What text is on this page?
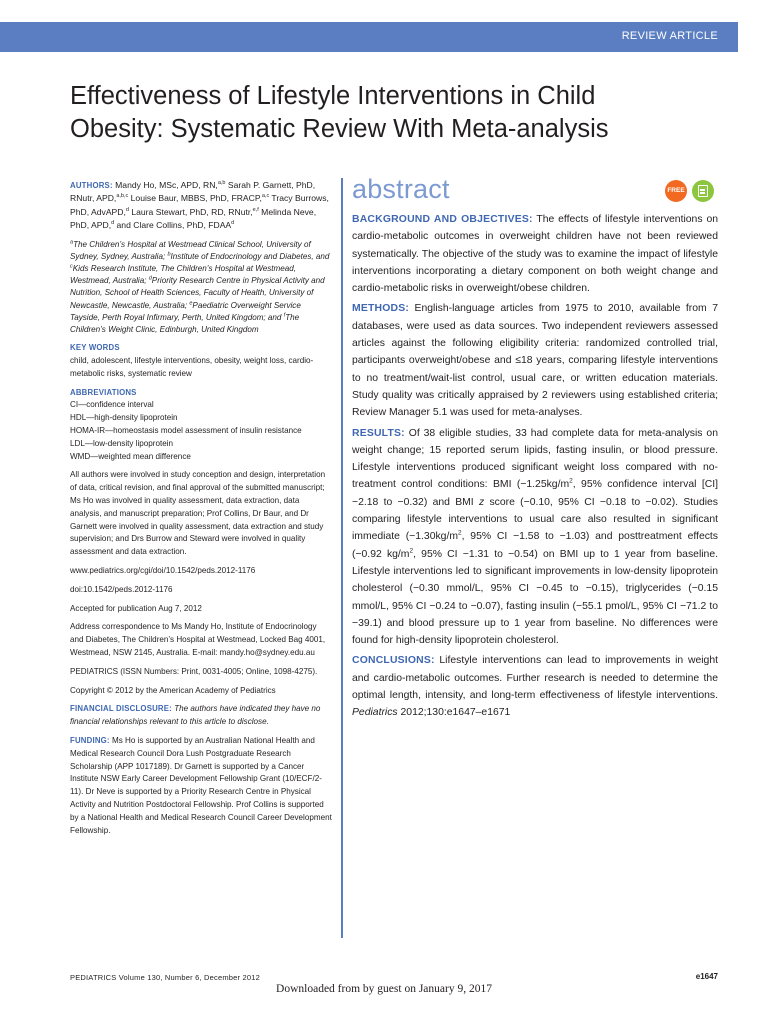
REVIEW ARTICLE
Effectiveness of Lifestyle Interventions in Child
Obesity: Systematic Review With Meta-analysis

AUTHORS: Mandy Ho, MSc, APD, RN,$^{a,b}$ Sarah P. Garnett, PhD, RNutr, APD,$^{a,b,c}$ Louise Baur, MBBS, PhD, FRACP,$^{a,c}$ Tracy Burrows, PhD, AdvAPD,$^d$ Laura Stewart, PhD, RD, RNutr,$^{e,f}$ Melinda Neve, PhD, APD,$^d$ and Clare Collins, PhD, FDAA$^d$

$^a$The Children’s Hospital at Westmead Clinical School, University of Sydney, Sydney, Australia; $^b$Institute of Endocrinology and Diabetes, and $^c$Kids Research Institute, The Children’s Hospital at Westmead, Westmead, Australia; $^d$Priority Research Centre in Physical Activity and Nutrition, School of Health Sciences, Faculty of Health, University of Newcastle, Newcastle, Australia; $^e$Paediatric Overweight Service Tayside, Perth Royal Infirmary, Perth, United Kingdom; and $^f$The Children’s Weight Clinic, Edinburgh, United Kingdom

KEY WORDS

child, adolescent, lifestyle interventions, obesity, weight loss, cardio-metabolic risks, systematic review

ABBREVIATIONS

CI—confidence interval

HDL—high-density lipoprotein

HOMA-IR—homeostasis model assessment of insulin resistance

LDL—low-density lipoprotein

WMD—weighted mean difference

All authors were involved in study conception and design, interpretation of data, critical revision, and final approval of the submitted manuscript; Ms Ho was involved in quality assessment, data extraction, data analysis, and manuscript preparation; Prof Collins, Dr Baur, and Dr Garnett were involved in quality assessment, data extraction and study supervision; and Drs Burrow and Steward were involved in quality assessment and data extraction.

www.pediatrics.org/cgi/doi/10.1542/peds.2012-1176

doi:10.1542/peds.2012-1176

Accepted for publication Aug 7, 2012

Address correspondence to Ms Mandy Ho, Institute of Endocrinology and Diabetes, The Children’s Hospital at Westmead, Locked Bag 4001, Westmead, NSW 2145, Australia. E-mail: mandy.ho@sydney.edu.au

PEDIATRICS (ISSN Numbers: Print, 0031-4005; Online, 1098-4275).

Copyright © 2012 by the American Academy of Pediatrics

FINANCIAL DISCLOSURE: The authors have indicated they have no financial relationships relevant to this article to disclose.

FUNDING: Ms Ho is supported by an Australian National Health and Medical Research Council Dora Lush Postgraduate Research Scholarship (APP 1017189). Dr Garnett is supported by a Cancer Institute NSW Early Career Development Fellowship Grant (10/ECF/2-11). Dr Neve is supported by a Priority Research Centre in Physical Activity and Nutrition Postdoctoral Fellowship. Prof Collins is supported by a National Health and Medical Research Council Career Development Fellowship.

abstract	FREE

BACKGROUND AND OBJECTIVES: The effects of lifestyle interventions on cardio-metabolic outcomes in overweight children have not been reviewed systematically. The objective of the study was to examine the impact of lifestyle interventions incorporating a dietary component on both weight change and cardio-metabolic risks in overweight/obese children.

METHODS: English-language articles from 1975 to 2010, available from 7 databases, were used as data sources. Two independent reviewers assessed articles against the following eligibility criteria: randomized controlled trial, participants overweight/obese and ≤18 years, comparing lifestyle interventions to no treatment/wait-list control, usual care, or written education materials. Study quality was critically appraised by 2 reviewers using established criteria; Review Manager 5.1 was used for meta-analyses.

RESULTS: Of 38 eligible studies, 33 had complete data for meta-analysis on weight change; 15 reported serum lipids, fasting insulin, or blood pressure. Lifestyle interventions produced significant weight loss compared with no-treatment control conditions: BMI ($-1.25kg/m^2$, 95% confidence interval [CI] −2.18 to −0.32) and BMI z score (−0.10, 95% CI −0.18 to −0.02). Studies comparing lifestyle interventions to usual care also resulted in significant immediate ($-1.30kg/m^2$, 95% CI −1.58 to −1.03) and posttreatment effects (−0.92 $kg/m^2$, 95% CI −1.31 to −0.54) on BMI up to 1 year from baseline. Lifestyle interventions led to significant improvements in low-density lipoprotein cholesterol (−0.30 mmol/L, 95% CI −0.45 to −0.15), triglycerides (−0.15 mmol/L, 95% CI −0.24 to −0.07), fasting insulin (−55.1 pmol/L, 95% CI −71.2 to −39.1) and blood pressure up to 1 year from baseline. No differences were found for high-density lipoprotein cholesterol.

CONCLUSIONS: Lifestyle interventions can lead to improvements in weight and cardio-metabolic outcomes. Further research is needed to determine the optimal length, intensity, and long-term effectiveness of lifestyle interventions. Pediatrics 2012;130:e1647–e1671

PEDIATRICS Volume 130, Number 6, December 2012	e1647
Downloaded from by guest on January 9, 2017
